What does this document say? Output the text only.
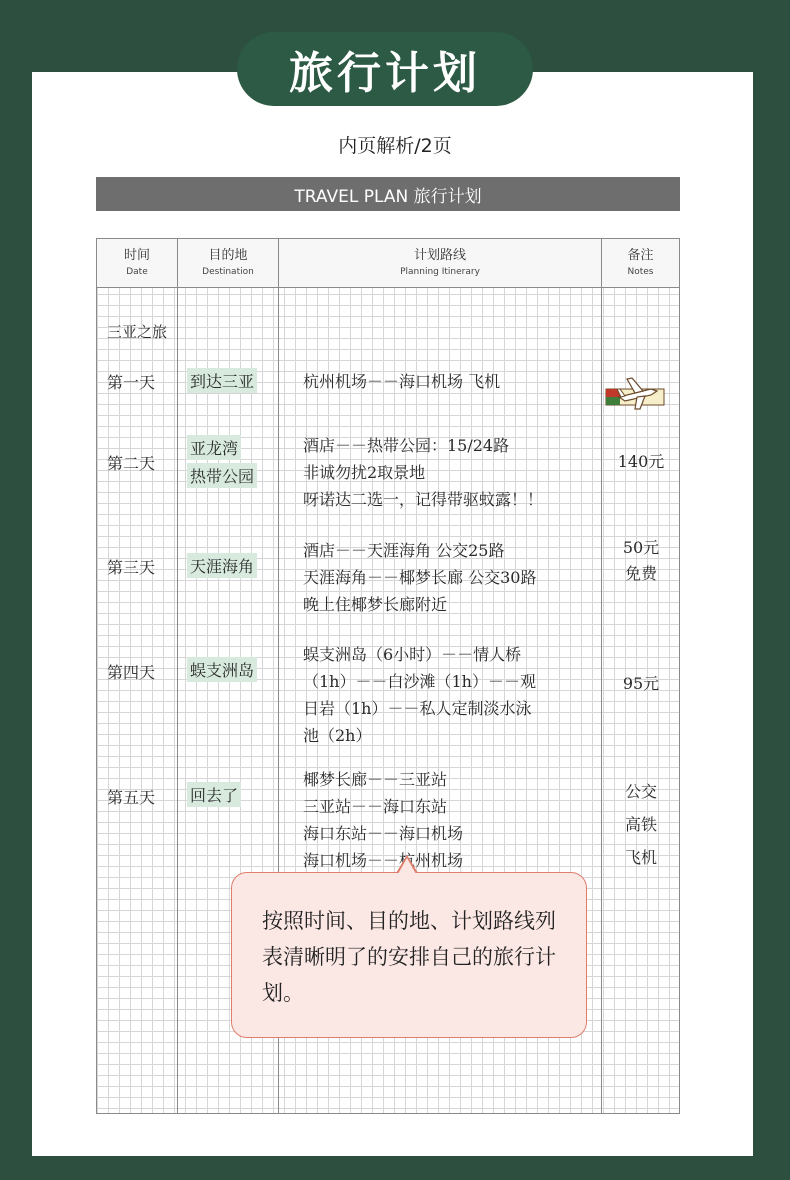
旅行计划
内页解析/2页
TRAVEL PLAN 旅行计划
时间
Date
目的地
Destination
计划路线
Planning Itinerary
备注
Notes
三亚之旅
第一天 到达三亚	杭州机场－－海口机场 飞机
第二天
亚龙湾
热带公园
酒店－－热带公园：15/24路
非诚勿扰2取景地
呀诺达二选一，记得带驱蚊露！！
140元
第三天 天涯海角
酒店－－天涯海角 公交25路
天涯海角－－椰梦长廊 公交30路
晚上住椰梦长廊附近
50元
免费
第四天 蜈支洲岛
蜈支洲岛（6小时）－－情人桥
（1h）－－白沙滩（1h）－－观
日岩（1h）－－私人定制淡水泳
池（2h）
95元
第五天 回去了
椰梦长廊－－三亚站
三亚站－－海口东站
海口东站－－海口机场
海口机场－－杭州机场
公交
高铁
飞机
按照时间、目的地、计划路线列表清晰明了的安排自己的旅行计划。
